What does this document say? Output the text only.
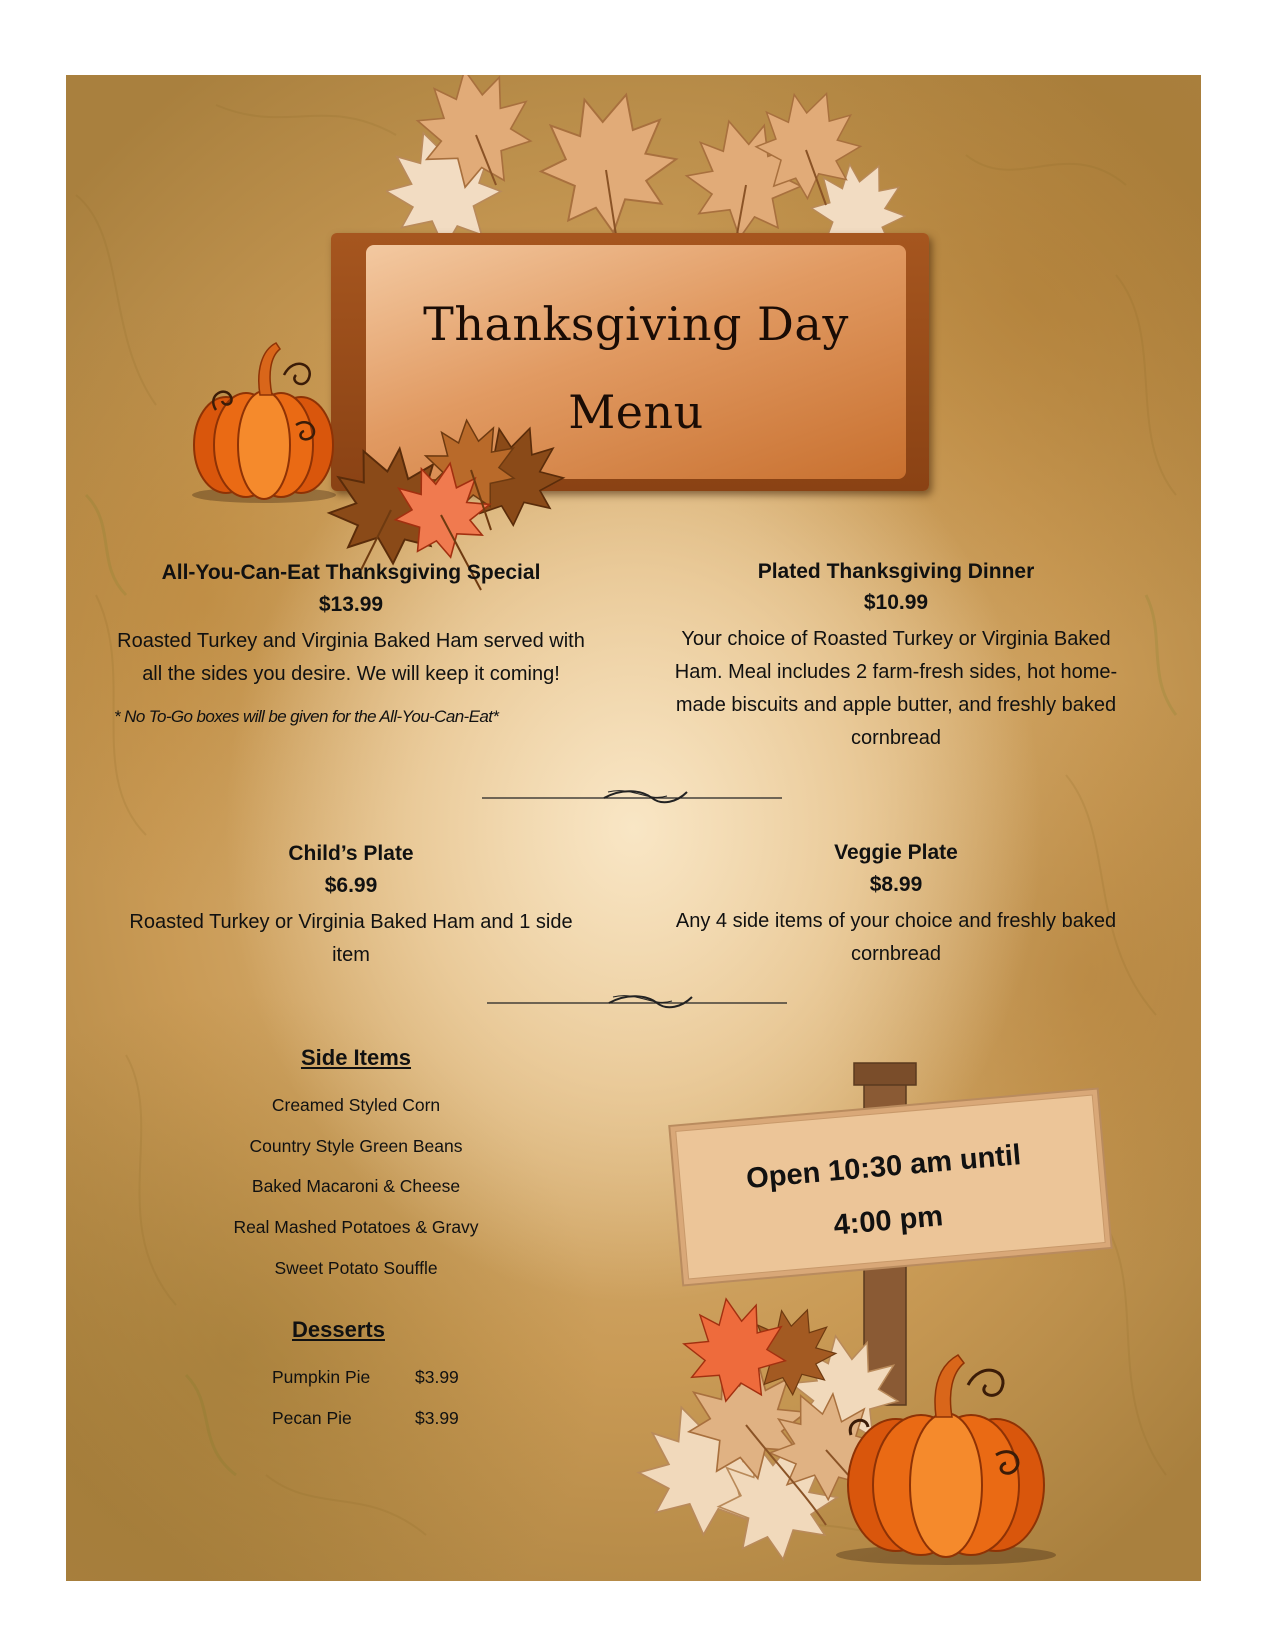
Thanksgiving Day
Menu
All-You-Can-Eat Thanksgiving Special
$13.99
Roasted Turkey and Virginia Baked Ham served with
all the sides you desire. We will keep it coming!
* No To-Go boxes will be given for the All-You-Can-Eat*
Plated Thanksgiving Dinner
$10.99
Your choice of Roasted Turkey or Virginia Baked
Ham. Meal includes 2 farm-fresh sides, hot home-
made biscuits and apple butter, and freshly baked
cornbread
Child’s Plate
$6.99
Roasted Turkey or Virginia Baked Ham and 1 side
item
Veggie Plate
$8.99
Any 4 side items of your choice and freshly baked
cornbread
Side Items
Creamed Styled Corn
Country Style Green Beans
Baked Macaroni & Cheese
Real Mashed Potatoes & Gravy
Sweet Potato Souffle
Desserts
Pumpkin Pie	$3.99
Pecan Pie	$3.99
Open 10:30 am until
4:00 pm
